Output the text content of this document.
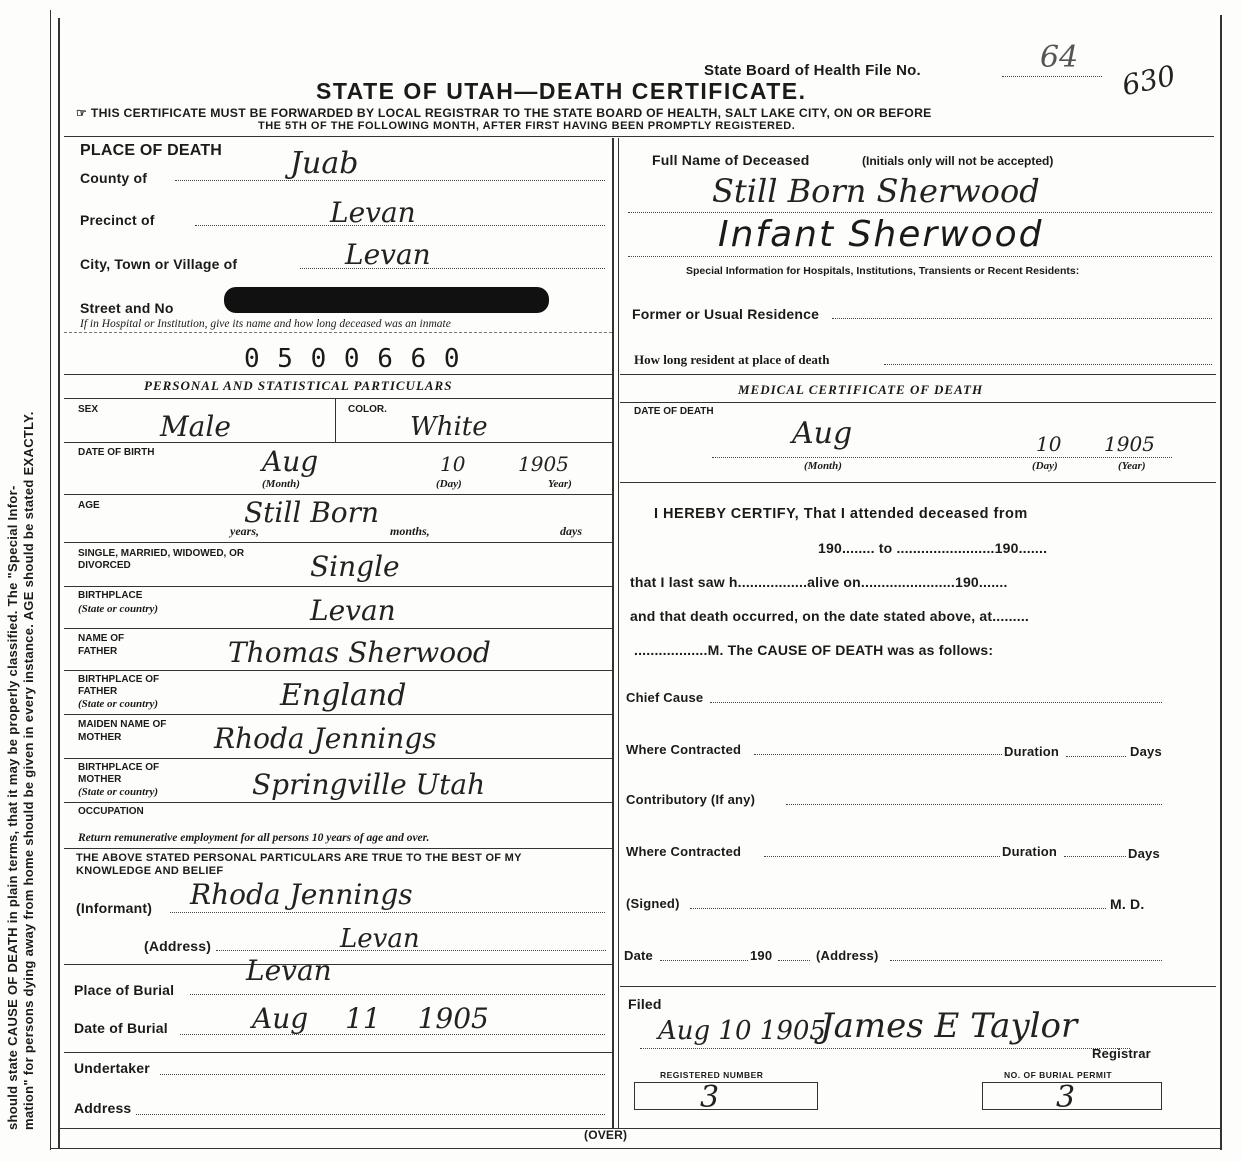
should state CAUSE OF DEATH in plain terms, that it may be properly classified. The "Special Infor- mation" for persons dying away from home should be given in every instance. AGE should be stated EXACTLY.
State Board of Health File No.	64
630
STATE OF UTAH—DEATH CERTIFICATE.
☞ THIS CERTIFICATE MUST BE FORWARDED BY LOCAL REGISTRAR TO THE STATE BOARD OF HEALTH, SALT LAKE CITY, ON OR BEFORE
THE 5TH OF THE FOLLOWING MONTH, AFTER FIRST HAVING BEEN PROMPTLY REGISTERED.
PLACE OF DEATH
County of	Juab
Precinct of	Levan
City, Town or Village of	Levan
Street and No
If in Hospital or Institution, give its name and how long deceased was an inmate
0 5 0 0 6 6 0
PERSONAL AND STATISTICAL PARTICULARS
SEX
Male
COLOR.
White
DATE OF BIRTH	Aug	10	1905
(Month)	(Day)	Year)
AGE	Still Born
years,	months,	days
SINGLE, MARRIED, WIDOWED, OR DIVORCED	Single
BIRTHPLACE
(State or country)	Levan
NAME OF FATHER	Thomas Sherwood
BIRTHPLACE OF FATHER
(State or country)	England
MAIDEN NAME OF MOTHER	Rhoda Jennings
BIRTHPLACE OF MOTHER
(State or country)	Springville Utah
OCCUPATION
Return remunerative employment for all persons 10 years of age and over.
THE ABOVE STATED PERSONAL PARTICULARS ARE TRUE TO THE BEST OF MY KNOWLEDGE AND BELIEF
(Informant) Rhoda Jennings
(Address)	Levan
Place of Burial
Levan
Date of Burial	Aug 11 1905
Undertaker
Address
Full Name of Deceased	(Initials only will not be accepted)
Still Born Sherwood
Infant Sherwood
Special Information for Hospitals, Institutions, Transients or Recent Residents:
Former or Usual Residence
How long resident at place of death
MEDICAL CERTIFICATE OF DEATH
DATE OF DEATH
Aug	10 1905
(Month)	(Day)	(Year)
I HEREBY CERTIFY, That I attended deceased from
190........ to ........................190.......
that I last saw h.................alive on.......................190.......
and that death occurred, on the date stated above, at.........
..................M. The CAUSE OF DEATH was as follows:
Chief Cause
Where Contracted	Duration	Days
Contributory (If any)
Where Contracted	Duration	Days
(Signed)	M. D.
Date	190	(Address)
Filed
Aug 10 1905
James E Taylor
Registrar
REGISTERED NUMBER
3
NO. OF BURIAL PERMIT
3
(OVER)
